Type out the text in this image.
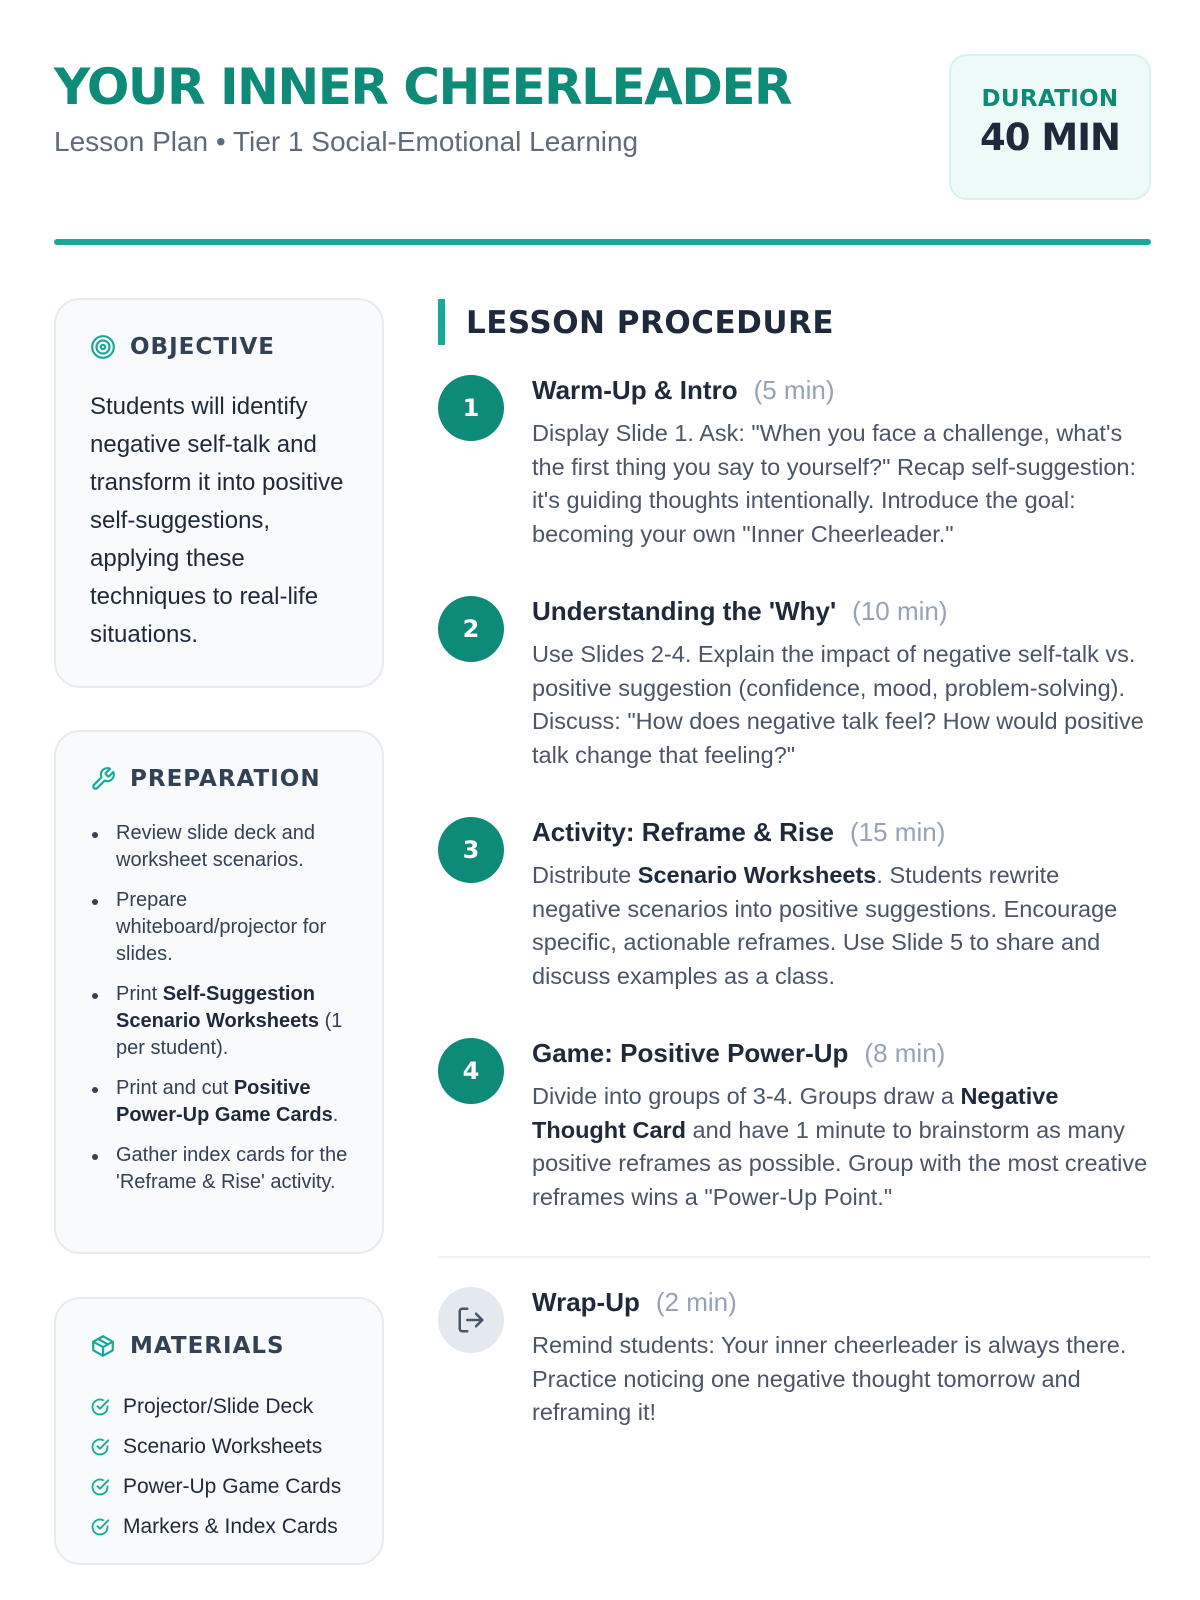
YOUR INNER CHEERLEADER
Lesson Plan • Tier 1 Social-Emotional Learning
DURATION
40 MIN
OBJECTIVE
Students will identify negative self-talk and transform it into positive self-suggestions, applying these techniques to real-life situations.
PREPARATION
Review slide deck and worksheet scenarios.
Prepare whiteboard/projector for slides.
Print Self-Suggestion Scenario Worksheets (1 per student).
Print and cut Positive Power-Up Game Cards.
Gather index cards for the 'Reframe & Rise' activity.
MATERIALS
Projector/Slide Deck
Scenario Worksheets
Power-Up Game Cards
Markers & Index Cards
LESSON PROCEDURE
1
Warm-Up & Intro (5 min)
Display Slide 1. Ask: "When you face a challenge, what's the first thing you say to yourself?" Recap self-suggestion: it's guiding thoughts intentionally. Introduce the goal: becoming your own "Inner Cheerleader."
2
Understanding the 'Why' (10 min)
Use Slides 2-4. Explain the impact of negative self-talk vs. positive suggestion (confidence, mood, problem-solving). Discuss: "How does negative talk feel? How would positive talk change that feeling?"
3
Activity: Reframe & Rise (15 min)
Distribute Scenario Worksheets. Students rewrite negative scenarios into positive suggestions. Encourage specific, actionable reframes. Use Slide 5 to share and discuss examples as a class.
4
Game: Positive Power-Up (8 min)
Divide into groups of 3-4. Groups draw a Negative Thought Card and have 1 minute to brainstorm as many positive reframes as possible. Group with the most creative reframes wins a "Power-Up Point."
Wrap-Up (2 min)
Remind students: Your inner cheerleader is always there. Practice noticing one negative thought tomorrow and reframing it!
